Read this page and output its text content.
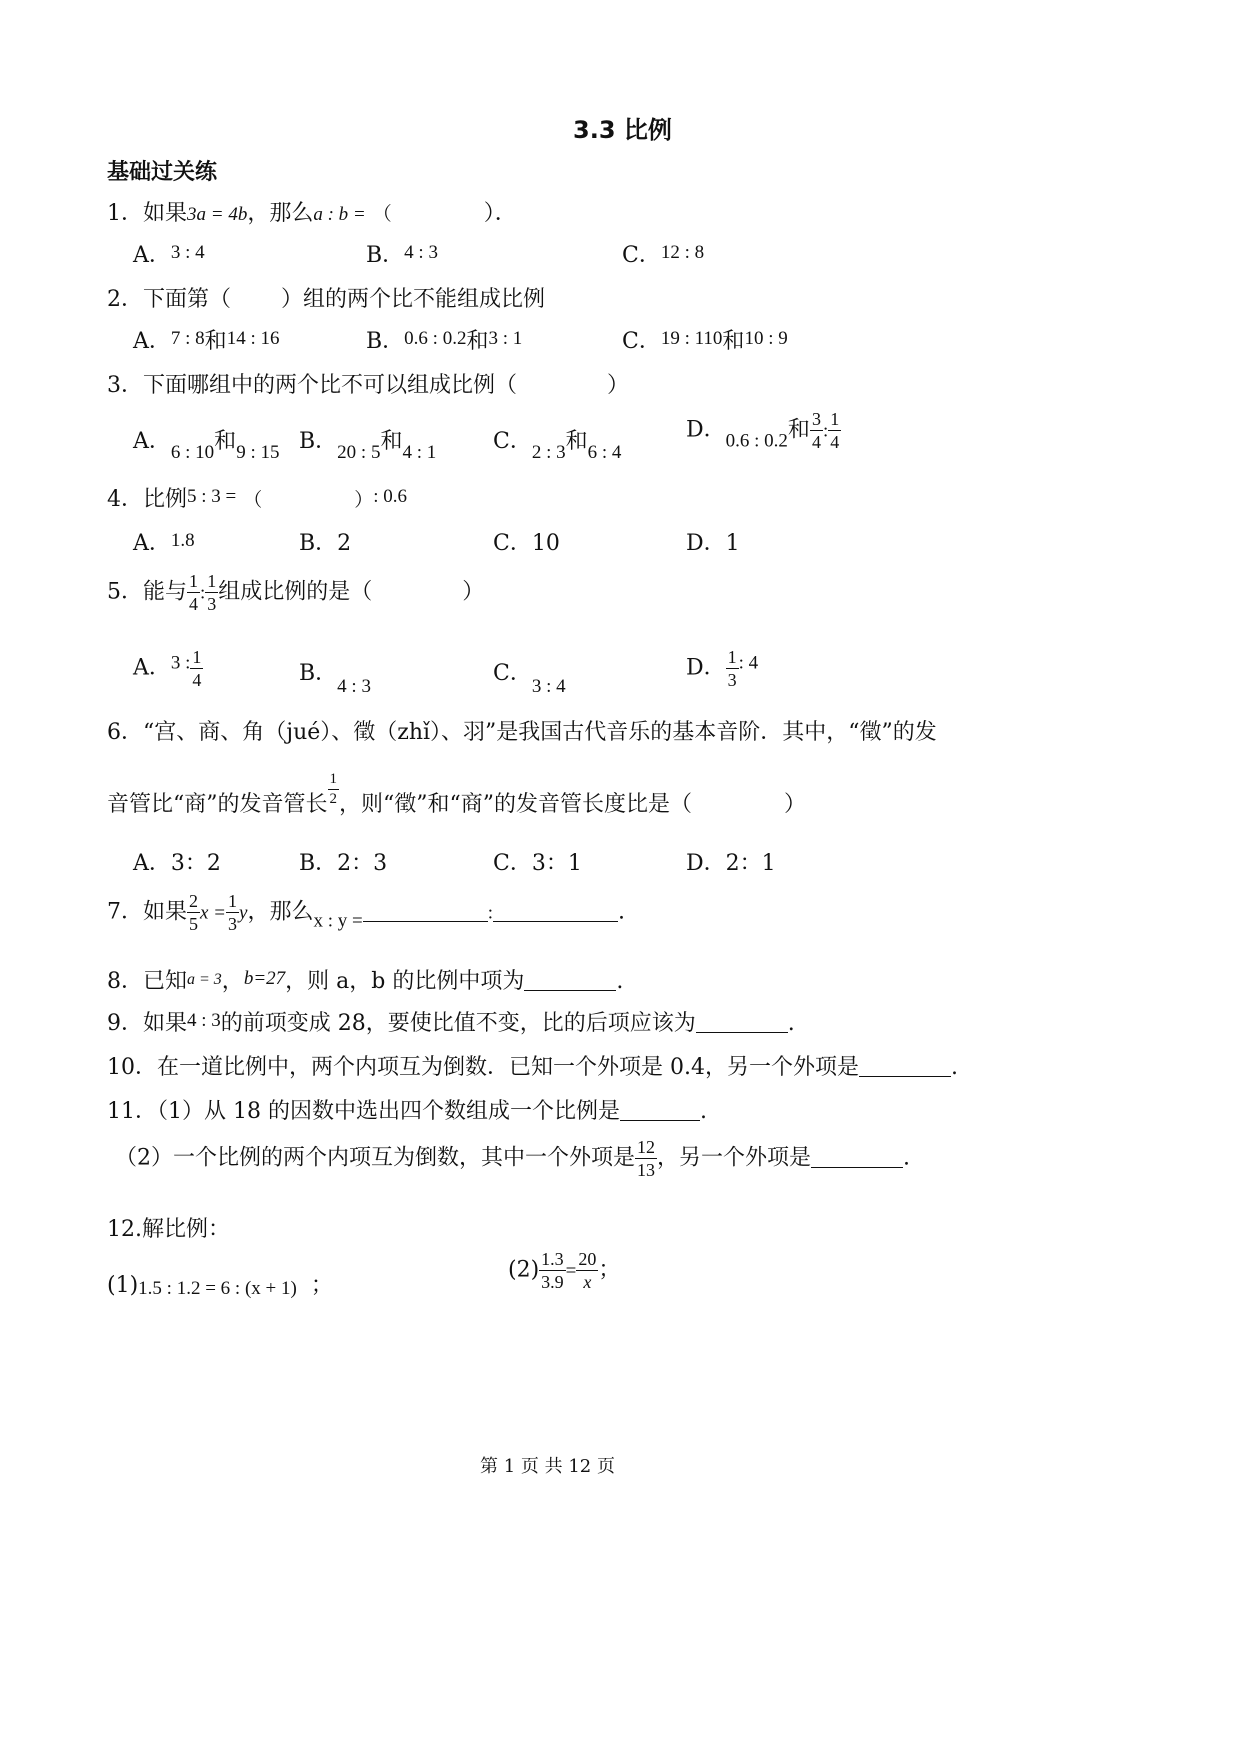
3.3 比例
基础过关练
1．如果3a = 4b，那么a : b = （	）．
A．3 : 4	B．4 : 3	C．12 : 8
2．下面第（ ）组的两个比不能组成比例
A．7 : 8和14 : 16	B．0.6 : 0.2和3 : 1	C．19 : 110和10 : 9
3．下面哪组中的两个比不可以组成比例（	）
A．6 : 10和9 : 15 B．20 : 5和4 : 1	C．2 : 3和6 : 4
D．0.6 : 0.2和 $\frac{3}{4}$ : $\frac{1}{4}$
4．比例5 : 3 = （	）: 0.6
A．1.8	B．2	C．10	D．1
5．能与 $\frac{1}{4}$ : $\frac{1}{3}$ 组成比例的是（	）
A．3 : $\frac{1}{4}$	B．4 : 3
C．3 : 4
D． $\frac{1}{3}$ : 4
6．“宫、商、角（jué）、徵（zhǐ）、羽”是我国古代音乐的基本音阶．其中，“徵”的发
音管比“商”的发音管长 $\frac{1}{2}$ ，则“徵”和“商”的发音管长度比是（	）
A．3：2	B．2：3	C．3：1	D．2：1
7．如果 $\frac{2}{5}$ $x = \frac{1}{3}$ y，那么x : y =	:	.
8．已知a = 3，b=27，则 a，b 的比例中项为	.
9．如果4 : 3的前项变成 28，要使比值不变，比的后项应该为	.
10．在一道比例中，两个内项互为倒数．已知一个外项是 0.4，另一个外项是	.
11．（1）从 18 的因数中选出四个数组成一个比例是	.
（2）一个比例的两个内项互为倒数，其中一个外项是 $\frac{12}{13}$ ，另一个外项是	.
12.解比例：
(1)1.5 : 1.2 = 6 : (x + 1) ；
$(2) \frac{1.3}{3.9} = \frac{20}{x}$ ；
第 1 页 共 12 页
